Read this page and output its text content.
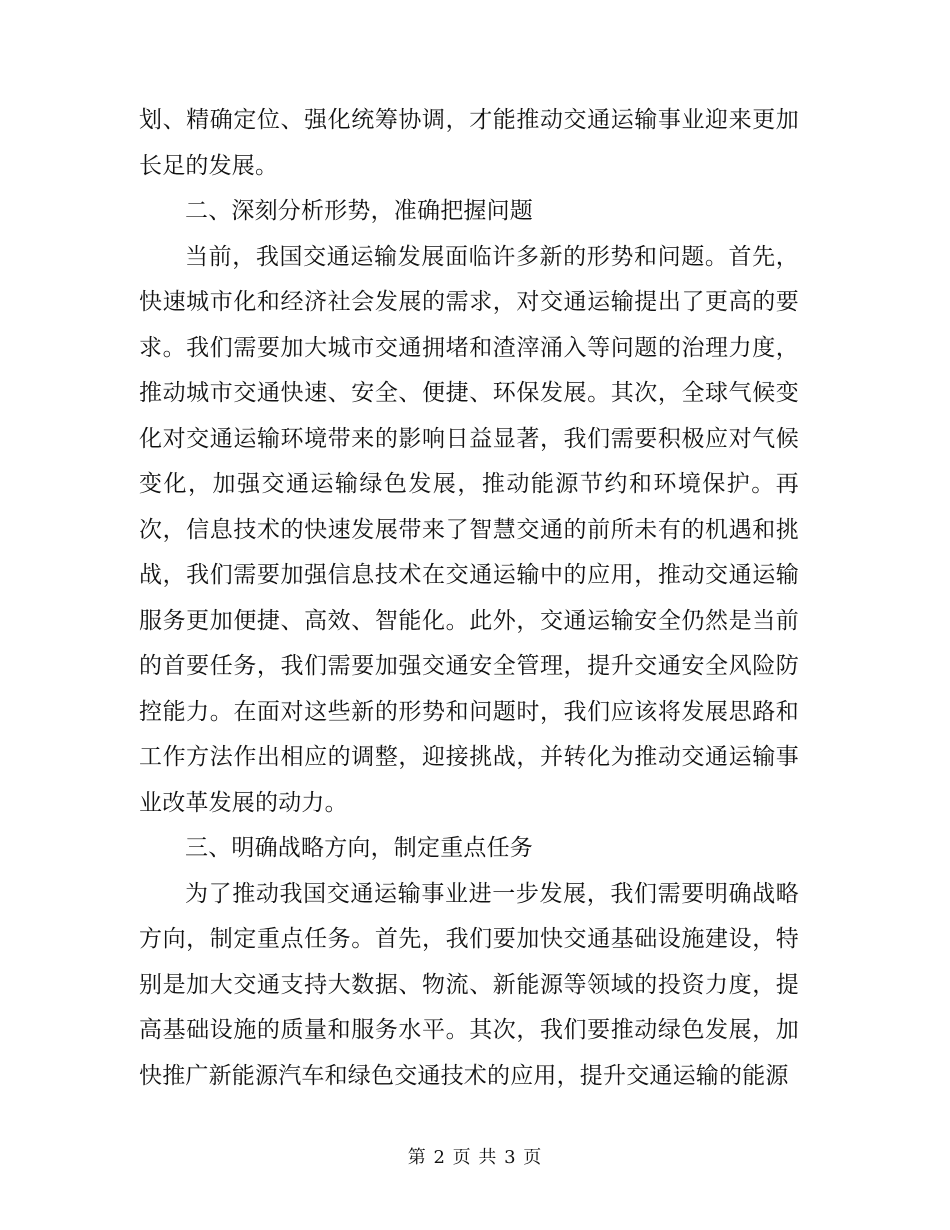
划、精确定位、强化统筹协调，才能推动交通运输事业迎来更加长足的发展。

二、深刻分析形势，准确把握问题

当前，我国交通运输发展面临许多新的形势和问题。首先，快速城市化和经济社会发展的需求，对交通运输提出了更高的要求。我们需要加大城市交通拥堵和渣滓涌入等问题的治理力度，推动城市交通快速、安全、便捷、环保发展。其次，全球气候变化对交通运输环境带来的影响日益显著，我们需要积极应对气候变化，加强交通运输绿色发展，推动能源节约和环境保护。再次，信息技术的快速发展带来了智慧交通的前所未有的机遇和挑战，我们需要加强信息技术在交通运输中的应用，推动交通运输服务更加便捷、高效、智能化。此外，交通运输安全仍然是当前的首要任务，我们需要加强交通安全管理，提升交通安全风险防控能力。在面对这些新的形势和问题时，我们应该将发展思路和工作方法作出相应的调整，迎接挑战，并转化为推动交通运输事业改革发展的动力。

三、明确战略方向，制定重点任务

为了推动我国交通运输事业进一步发展，我们需要明确战略方向，制定重点任务。首先，我们要加快交通基础设施建设，特别是加大交通支持大数据、物流、新能源等领域的投资力度，提高基础设施的质量和服务水平。其次，我们要推动绿色发展，加快推广新能源汽车和绿色交通技术的应用，提升交通运输的能源

第 2 页 共 3 页
